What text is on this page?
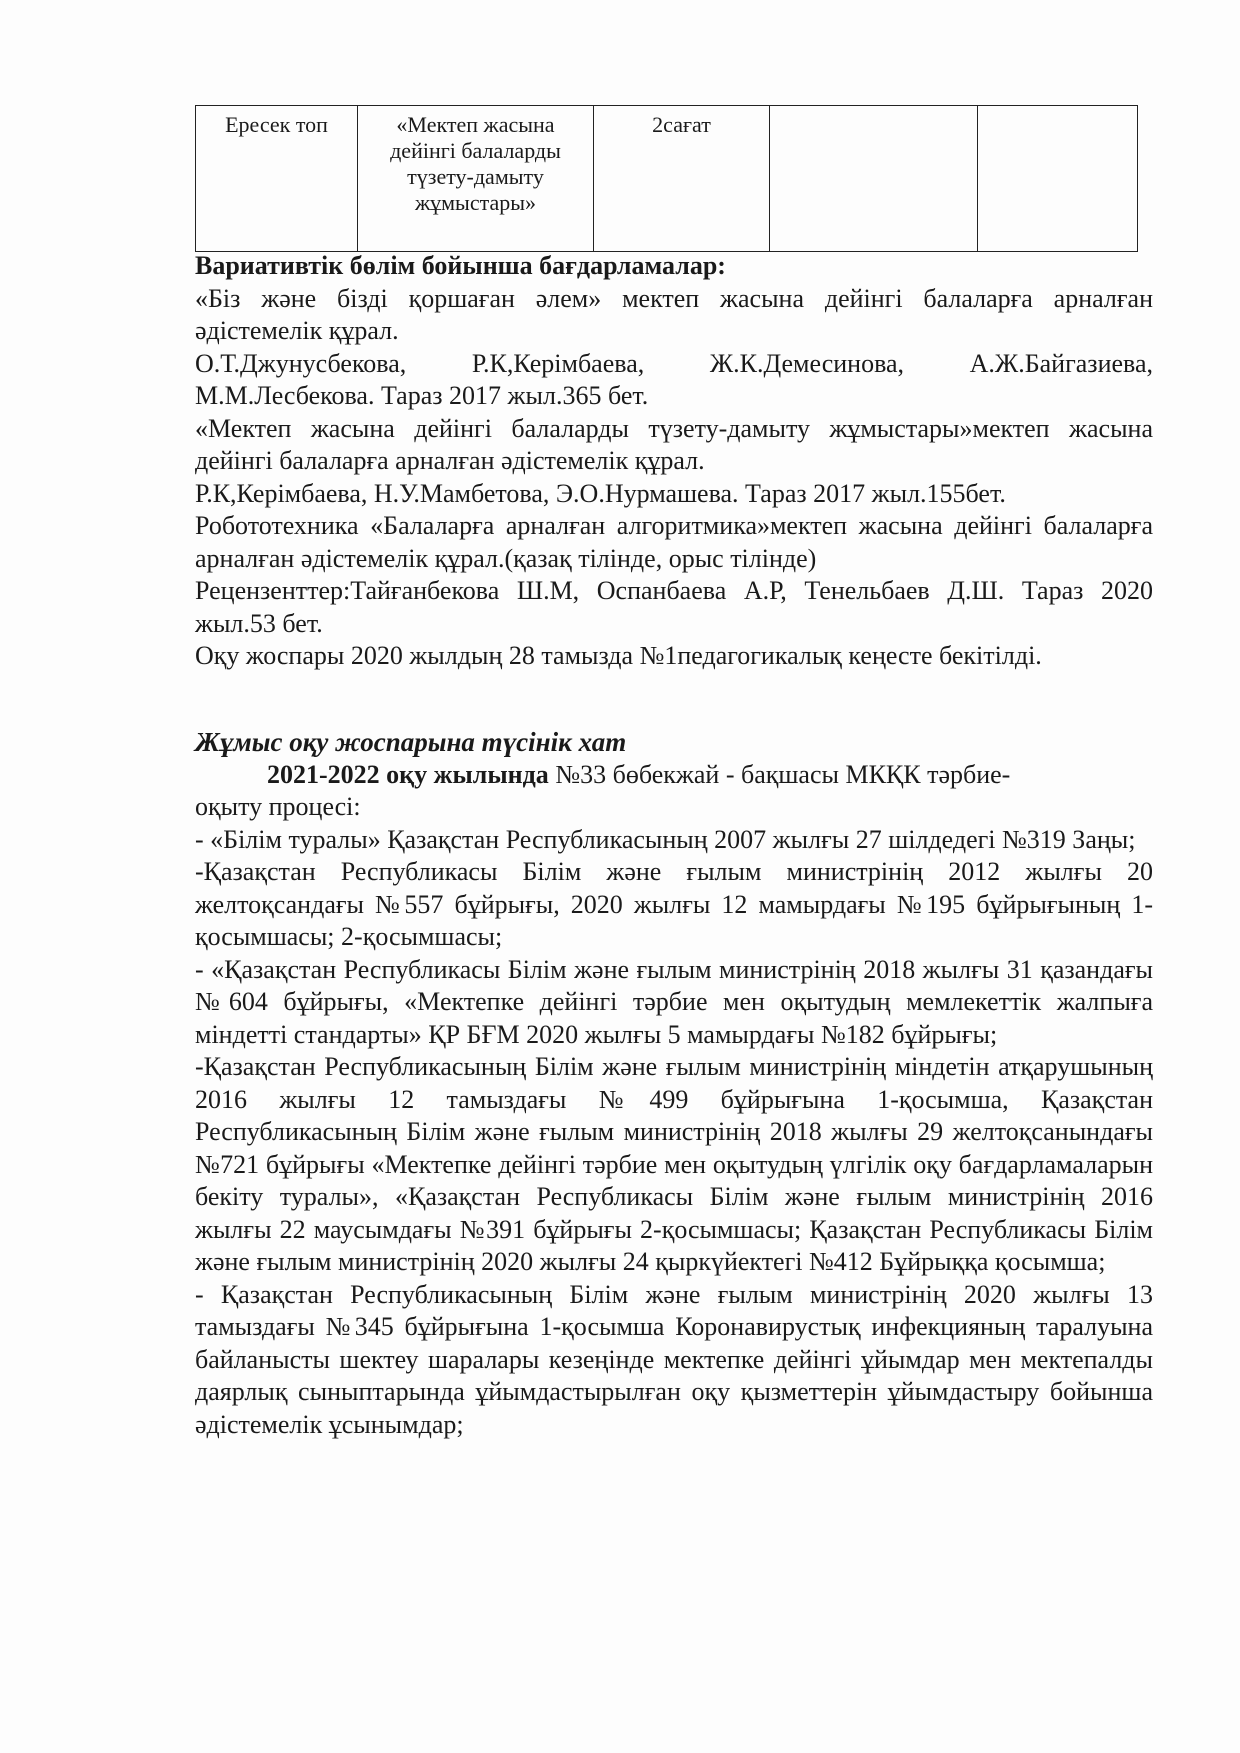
Ересек топ	«Мектеп жасына дейінгі балаларды түзету-дамыту жұмыстары»	2сағат		

Вариативтік бөлім бойынша бағдарламалар:

«Біз және бізді қоршаған әлем» мектеп жасына дейінгі балаларға арналған әдістемелік құрал.

О.Т.Джунусбекова, Р.К,Керімбаева, Ж.К.Демесинова, А.Ж.Байгазиева, М.М.Лесбекова. Тараз 2017 жыл.365 бет.

«Мектеп жасына дейінгі балаларды түзету-дамыту жұмыстары»мектеп жасына дейінгі балаларға арналған әдістемелік құрал.

Р.К,Керімбаева, Н.У.Мамбетова, Э.О.Нурмашева. Тараз 2017 жыл.155бет.

Робототехника «Балаларға арналған алгоритмика»мектеп жасына дейінгі балаларға арналған әдістемелік құрал.(қазақ тілінде, орыс тілінде)

Рецензенттер:Тайғанбекова Ш.М, Оспанбаева А.Р, Тенельбаев Д.Ш. Тараз 2020 жыл.53 бет.

Оқу жоспары 2020 жылдың 28 тамызда №1педагогикалық кеңесте бекітілді.

Жұмыс оқу жоспарына түсінік хат

2021-2022 оқу жылында №33 бөбекжай - бақшасы МКҚК тәрбие-

оқыту процесі:

- «Білім туралы» Қазақстан Республикасының 2007 жылғы 27 шілдедегі №319 Заңы;

-Қазақстан Республикасы Білім және ғылым министрінің 2012 жылғы 20 желтоқсандағы №557 бұйрығы, 2020 жылғы 12 мамырдағы №195 бұйрығының 1-қосымшасы; 2-қосымшасы;

- «Қазақстан Республикасы Білім және ғылым министрінің 2018 жылғы 31 қазандағы №604 бұйрығы, «Мектепке дейінгі тәрбие мен оқытудың мемлекеттік жалпыға міндетті стандарты» ҚР БҒМ 2020 жылғы 5 мамырдағы №182 бұйрығы;

-Қазақстан Республикасының Білім және ғылым министрінің міндетін атқарушының 2016 жылғы 12 тамыздағы №499 бұйрығына 1-қосымша, Қазақстан Республикасының Білім және ғылым министрінің 2018 жылғы 29 желтоқсанындағы №721 бұйрығы «Мектепке дейінгі тәрбие мен оқытудың үлгілік оқу бағдарламаларын бекіту туралы», «Қазақстан Республикасы Білім және ғылым министрінің 2016 жылғы 22 маусымдағы №391 бұйрығы 2-қосымшасы; Қазақстан Республикасы Білім және ғылым министрінің 2020 жылғы 24 қыркүйектегі №412 Бұйрыққа қосымша;

- Қазақстан Республикасының Білім және ғылым министрінің 2020 жылғы 13 тамыздағы №345 бұйрығына 1-қосымша Коронавирустық инфекцияның таралуына байланысты шектеу шаралары кезеңінде мектепке дейінгі ұйымдар мен мектепалды даярлық сыныптарында ұйымдастырылған оқу қызметтерін ұйымдастыру бойынша әдістемелік ұсынымдар;
